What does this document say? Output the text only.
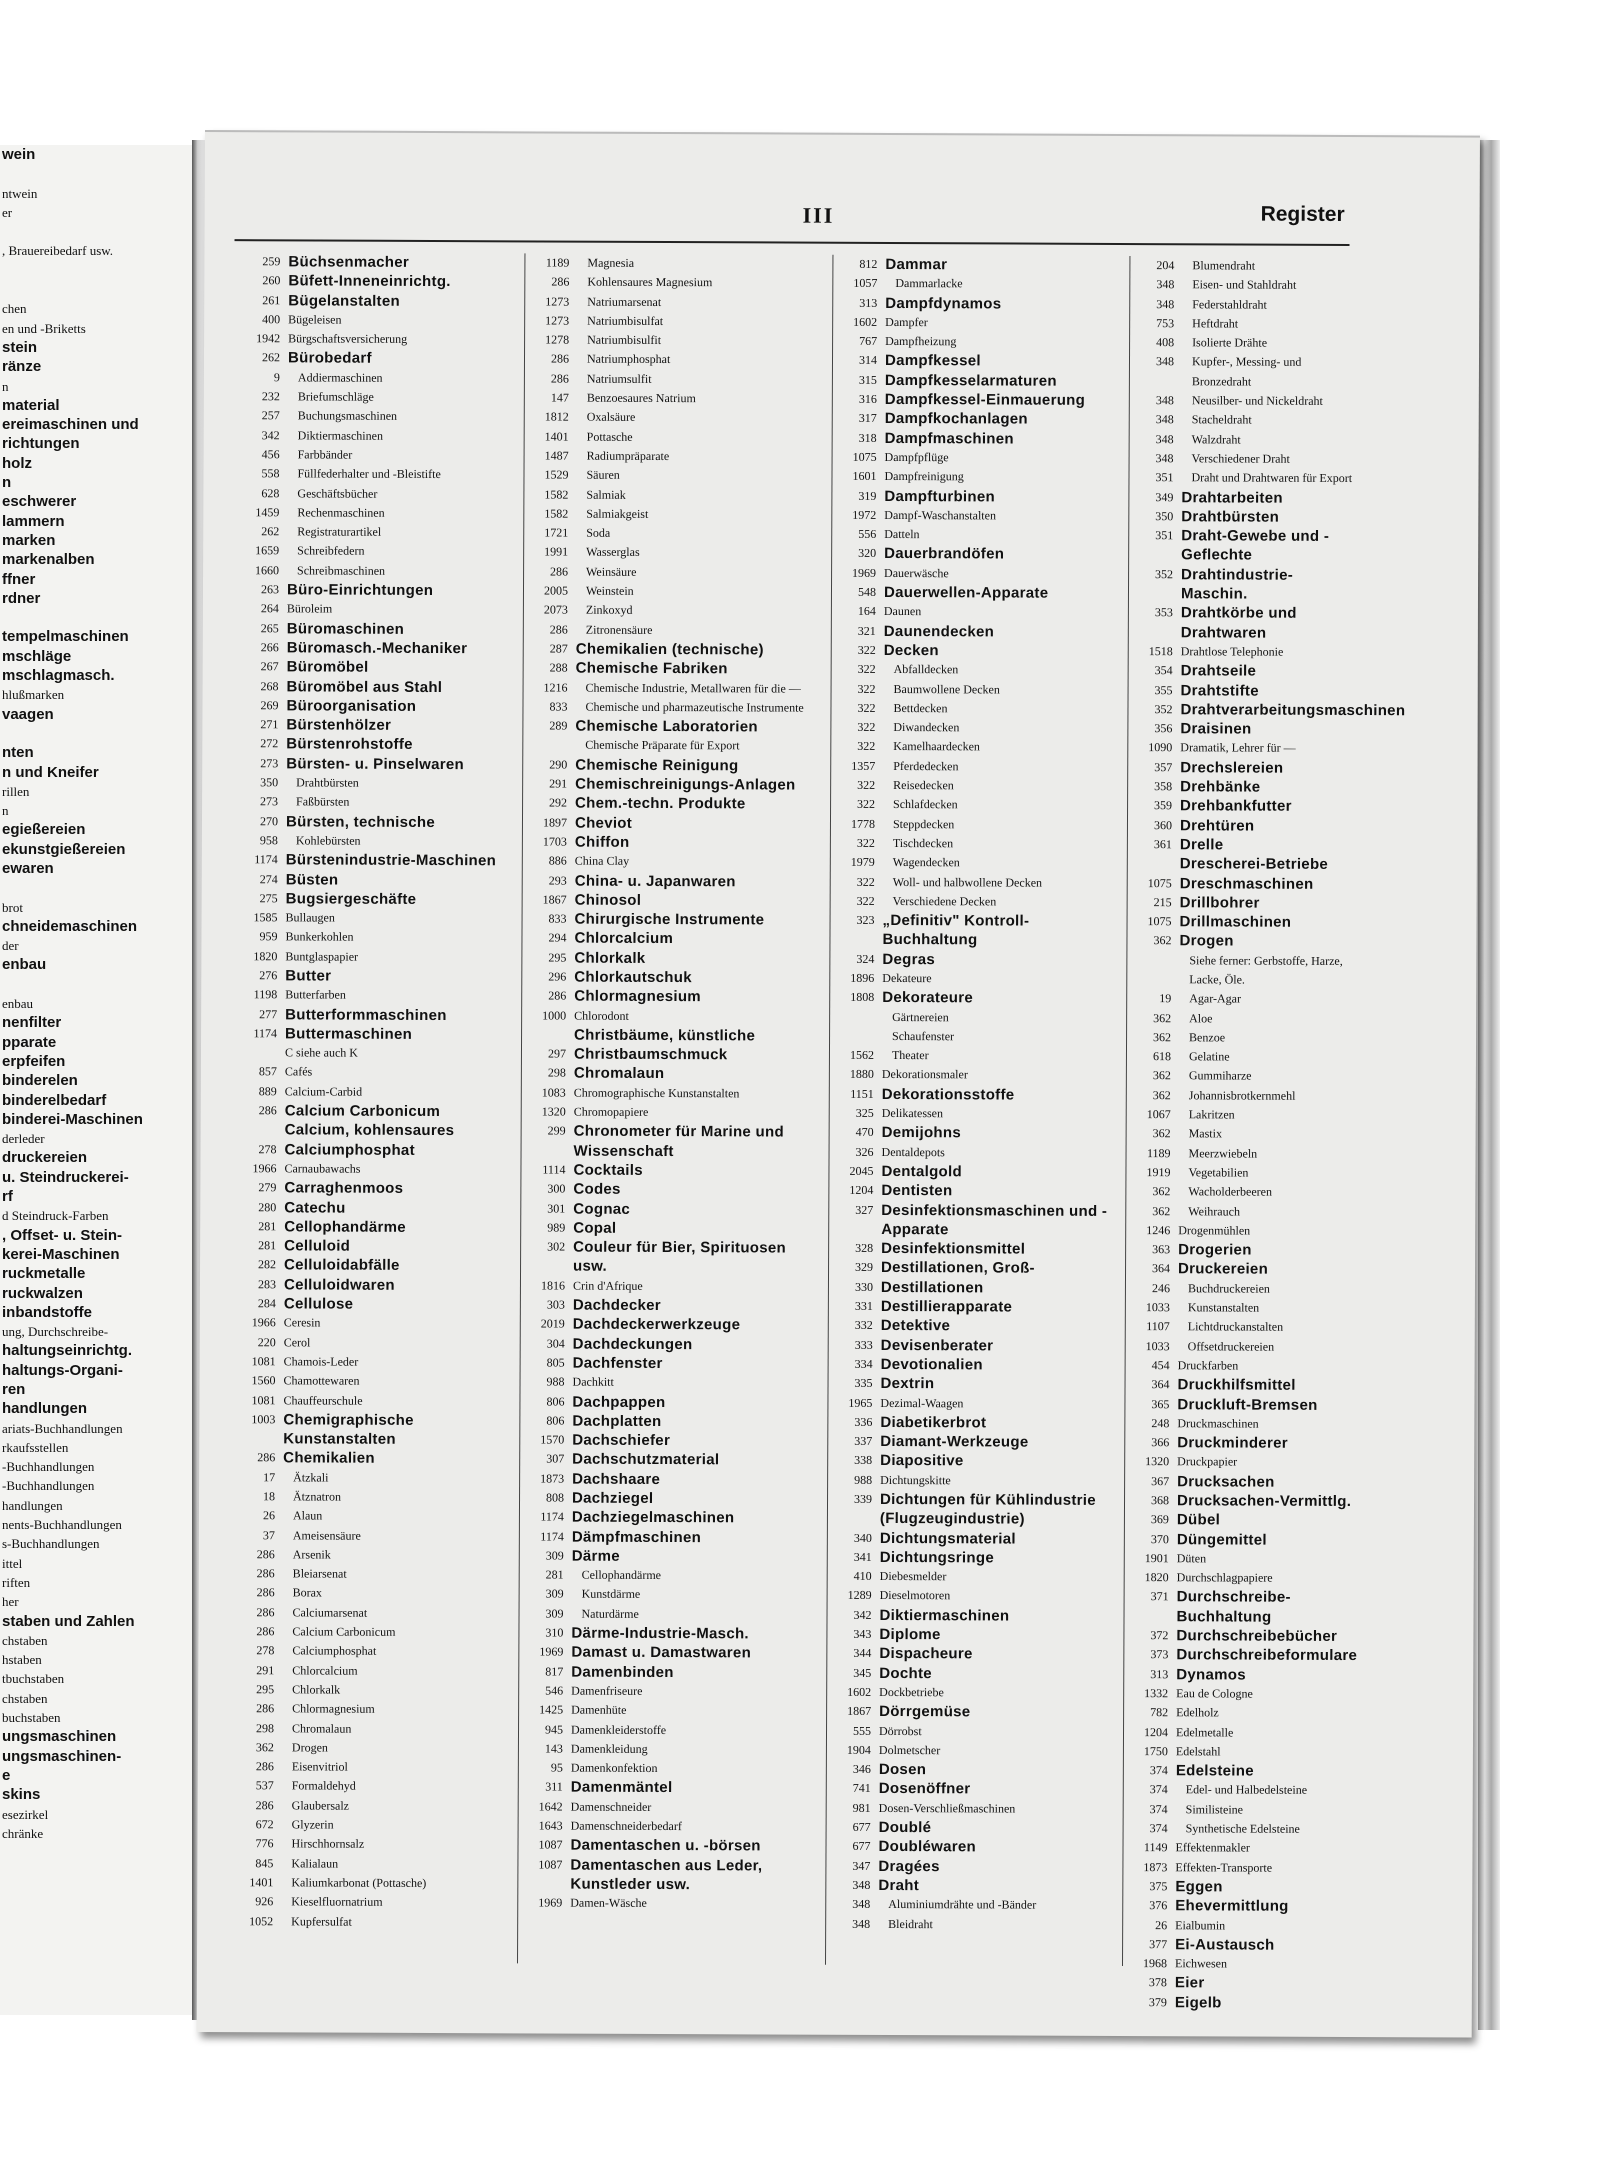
wein

ntwein
er

, Brauereibedarf usw.

chen
en und -Briketts
stein
ränze
n
material
ereimaschinen und
richtungen
holz
n
eschwerer
lammern
marken
markenalben
ffner
rdner

tempelmaschinen
mschläge
mschlagmasch.
hlußmarken
vaagen

nten
n und Kneifer
rillen
n
egießereien
ekunstgießereien
ewaren

brot
chneidemaschinen
der
enbau

enbau
nenfilter
pparate
erpfeifen
binderelen
binderelbedarf
binderei-Maschinen
derleder
druckereien
u. Steindruckerei-
rf
d Steindruck-Farben
, Offset- u. Stein-
kerei-Maschinen
ruckmetalle
ruckwalzen
inbandstoffe
ung, Durchschreibe-
haltungseinrichtg.
haltungs-Organi-
ren
handlungen
ariats-Buchhandlungen
rkaufsstellen
-Buchhandlungen
-Buchhandlungen
handlungen
nents-Buchhandlungen
s-Buchhandlungen
ittel
riften
her
staben und Zahlen
chstaben
hstaben
tbuchstaben
chstaben
buchstaben
ungsmaschinen
ungsmaschinen-
e
skins
esezirkel
chränke
III	Register
259 Büchsenmacher
260 Büfett-Inneneinrichtg.
261 Bügelanstalten
400 Bügeleisen
1942 Bürgschaftsversicherung
262 Bürobedarf
9	Addiermaschinen
232	Briefumschläge
257	Buchungsmaschinen
342	Diktiermaschinen
456	Farbbänder
558	Füllfederhalter und -Bleistifte
628	Geschäftsbücher
1459	Rechenmaschinen
262	Registraturartikel
1659	Schreibfedern
1660	Schreibmaschinen
263 Büro-Einrichtungen
264 Büroleim
265 Büromaschinen
266 Büromasch.-Mechaniker
267 Büromöbel
268 Büromöbel aus Stahl
269 Büroorganisation
271 Bürstenhölzer
272 Bürstenrohstoffe
273 Bürsten- u. Pinselwaren
350	Drahtbürsten
273	Faßbürsten
270 Bürsten, technische
958	Kohlebürsten
1174 Bürstenindustrie-Maschinen
274 Büsten
275 Bugsiergeschäfte
1585 Bullaugen
959 Bunkerkohlen
1820 Buntglaspapier
276 Butter
1198 Butterfarben
277 Butterformmaschinen
1174 Buttermaschinen
C siehe auch K
857 Cafés
889 Calcium-Carbid
286 Calcium Carbonicum
Calcium, kohlensaures
278 Calciumphosphat
1966 Carnaubawachs
279 Carraghenmoos
280 Catechu
281 Cellophandärme
281 Celluloid
282 Celluloidabfälle
283 Celluloidwaren
284 Cellulose
1966 Ceresin
220 Cerol
1081 Chamois-Leder
1560 Chamottewaren
1081 Chauffeurschule
1003 Chemigraphische Kunstanstalten
286 Chemikalien
17	Ätzkali
18	Ätznatron
26	Alaun
37	Ameisensäure
286	Arsenik
286	Bleiarsenat
286	Borax
286	Calciumarsenat
286	Calcium Carbonicum
278	Calciumphosphat
291	Chlorcalcium
295	Chlorkalk
286	Chlormagnesium
298	Chromalaun
362	Drogen
286	Eisenvitriol
537	Formaldehyd
286	Glaubersalz
672	Glyzerin
776	Hirschhornsalz
845	Kalialaun
1401	Kaliumkarbonat (Pottasche)
926	Kieselfluornatrium
1052	Kupfersulfat
1189	Magnesia
286	Kohlensaures Magnesium
1273	Natriumarsenat
1273	Natriumbisulfat
1278	Natriumbisulfit
286	Natriumphosphat
286	Natriumsulfit
147	Benzoesaures Natrium
1812	Oxalsäure
1401	Pottasche
1487	Radiumpräparate
1529	Säuren
1582	Salmiak
1582	Salmiakgeist
1721	Soda
1991	Wasserglas
286	Weinsäure
2005	Weinstein
2073	Zinkoxyd
286	Zitronensäure
287 Chemikalien (technische)
288 Chemische Fabriken
1216	Chemische Industrie, Metallwaren für die —
833	Chemische und pharmazeutische Instrumente
289 Chemische Laboratorien
Chemische Präparate für Export
290 Chemische Reinigung
291 Chemischreinigungs-Anlagen
292 Chem.-techn. Produkte
1897 Cheviot
1703 Chiffon
886 China Clay
293 China- u. Japanwaren
1867 Chinosol
833 Chirurgische Instrumente
294 Chlorcalcium
295 Chlorkalk
296 Chlorkautschuk
286 Chlormagnesium
1000 Chlorodont
Christbäume, künstliche
297 Christbaumschmuck
298 Chromalaun
1083 Chromographische Kunstanstalten
1320 Chromopapiere
299 Chronometer für Marine und Wissenschaft
1114 Cocktails
300 Codes
301 Cognac
989 Copal
302 Couleur für Bier, Spirituosen usw.
1816 Crin d'Afrique
303 Dachdecker
2019 Dachdeckerwerkzeuge
304 Dachdeckungen
805 Dachfenster
988 Dachkitt
806 Dachpappen
806 Dachplatten
1570 Dachschiefer
307 Dachschutzmaterial
1873 Dachshaare
808 Dachziegel
1174 Dachziegelmaschinen
1174 Dämpfmaschinen
309 Därme
281	Cellophandärme
309	Kunstdärme
309	Naturdärme
310 Därme-Industrie-Masch.
1969 Damast u. Damastwaren
817 Damenbinden
546 Damenfriseure
1425 Damenhüte
945 Damenkleiderstoffe
143 Damenkleidung
95 Damenkonfektion
311 Damenmäntel
1642 Damenschneider
1643 Damenschneiderbedarf
1087 Damentaschen u. -börsen
1087 Damentaschen aus Leder, Kunstleder usw.
1969 Damen-Wäsche
812 Dammar
1057	Dammarlacke
313 Dampfdynamos
1602 Dampfer
767 Dampfheizung
314 Dampfkessel
315 Dampfkesselarmaturen
316 Dampfkessel-Einmauerung
317 Dampfkochanlagen
318 Dampfmaschinen
1075 Dampfpflüge
1601 Dampfreinigung
319 Dampfturbinen
1972 Dampf-Waschanstalten
556 Datteln
320 Dauerbrandöfen
1969 Dauerwäsche
548 Dauerwellen-Apparate
164 Daunen
321 Daunendecken
322 Decken
322	Abfalldecken
322	Baumwollene Decken
322	Bettdecken
322	Diwandecken
322	Kamelhaardecken
1357	Pferdedecken
322	Reisedecken
322	Schlafdecken
1778	Steppdecken
322	Tischdecken
1979	Wagendecken
322	Woll- und halbwollene Decken
322	Verschiedene Decken
323 „Definitiv" Kontroll-Buchhaltung
324 Degras
1896 Dekateure
1808 Dekorateure
Gärtnereien
Schaufenster
1562	Theater
1880 Dekorationsmaler
1151 Dekorationsstoffe
325 Delikatessen
470 Demijohns
326 Dentaldepots
2045 Dentalgold
1204 Dentisten
327 Desinfektionsmaschinen und -Apparate
328 Desinfektionsmittel
329 Destillationen, Groß-
330 Destillationen
331 Destillierapparate
332 Detektive
333 Devisenberater
334 Devotionalien
335 Dextrin
1965 Dezimal-Waagen
336 Diabetikerbrot
337 Diamant-Werkzeuge
338 Diapositive
988 Dichtungskitte
339 Dichtungen für Kühlindustrie (Flugzeugindustrie)
340 Dichtungsmaterial
341 Dichtungsringe
410 Diebesmelder
1289 Dieselmotoren
342 Diktiermaschinen
343 Diplome
344 Dispacheure
345 Dochte
1602 Dockbetriebe
1867 Dörrgemüse
555 Dörrobst
1904 Dolmetscher
346 Dosen
741 Dosenöffner
981 Dosen-Verschließmaschinen
677 Doublé
677 Doubléwaren
347 Dragées
348 Draht
348	Aluminiumdrähte und -Bänder
348	Bleidraht
204	Blumendraht
348	Eisen- und Stahldraht
348	Federstahldraht
753	Heftdraht
408	Isolierte Drähte
348	Kupfer-, Messing- und Bronzedraht
348	Neusilber- und Nickeldraht
348	Stacheldraht
348	Walzdraht
348	Verschiedener Draht
351	Draht und Drahtwaren für Export
349 Drahtarbeiten
350 Drahtbürsten
351 Draht-Gewebe und -Geflechte
352 Drahtindustrie-Maschin.
353 Drahtkörbe und Drahtwaren
1518 Drahtlose Telephonie
354 Drahtseile
355 Drahtstifte
352 Drahtverarbeitungsmaschinen
356 Draisinen
1090 Dramatik, Lehrer für —
357 Drechslereien
358 Drehbänke
359 Drehbankfutter
360 Drehtüren
361 Drelle
Drescherei-Betriebe
1075 Dreschmaschinen
215 Drillbohrer
1075 Drillmaschinen
362 Drogen
Siehe ferner: Gerbstoffe, Harze, Lacke, Öle.
19	Agar-Agar
362	Aloe
362	Benzoe
618	Gelatine
362	Gummiharze
362	Johannisbrotkernmehl
1067	Lakritzen
362	Mastix
1189	Meerzwiebeln
1919	Vegetabilien
362	Wacholderbeeren
362	Weihrauch
1246 Drogenmühlen
363 Drogerien
364 Druckereien
246	Buchdruckereien
1033	Kunstanstalten
1107	Lichtdruckanstalten
1033	Offsetdruckereien
454 Druckfarben
364 Druckhilfsmittel
365 Druckluft-Bremsen
248 Druckmaschinen
366 Druckminderer
1320 Druckpapier
367 Drucksachen
368 Drucksachen-Vermittlg.
369 Dübel
370 Düngemittel
1901 Düten
1820 Durchschlagpapiere
371 Durchschreibe-Buchhaltung
372 Durchschreibebücher
373 Durchschreibeformulare
313 Dynamos
1332 Eau de Cologne
782 Edelholz
1204 Edelmetalle
1750 Edelstahl
374 Edelsteine
374	Edel- und Halbedelsteine
374	Similisteine
374	Synthetische Edelsteine
1149 Effektenmakler
1873 Effekten-Transporte
375 Eggen
376 Ehevermittlung
26 Eialbumin
377 Ei-Austausch
1968 Eichwesen
378 Eier
379 Eigelb
